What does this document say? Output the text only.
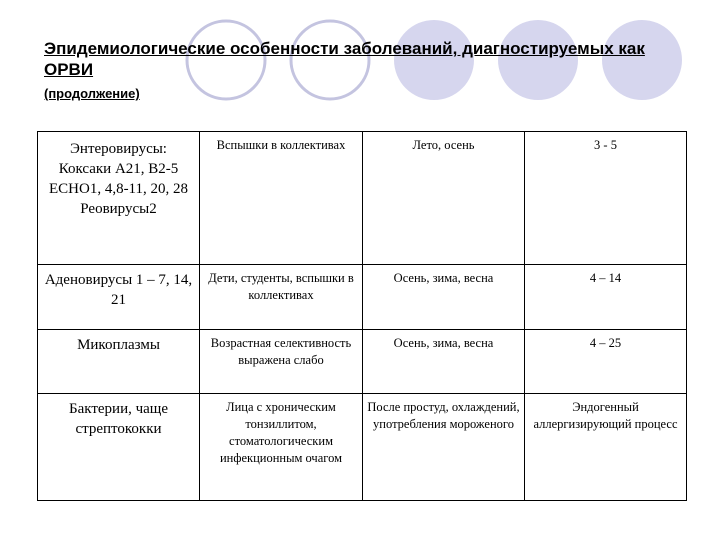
Эпидемиологические особенности заболеваний, диагностируемых как ОРВИ
(продолжение)
Энтеровирусы: Коксаки А21, В2-5 ЕСНО1, 4,8-11, 20, 28 Реовирусы2	Вспышки в коллективах	Лето, осень	3 - 5
Аденовирусы 1 – 7, 14, 21	Дети, студенты, вспышки в коллективах	Осень, зима, весна	4 – 14
Микоплазмы	Возрастная селективность выражена слабо	Осень, зима, весна	4 – 25
Бактерии, чаще стрептококки	Лица с хроническим тонзиллитом, стоматологическим инфекционным очагом	После простуд, охлаждений, употребления мороженого	Эндогенный аллергизирующий процесс
